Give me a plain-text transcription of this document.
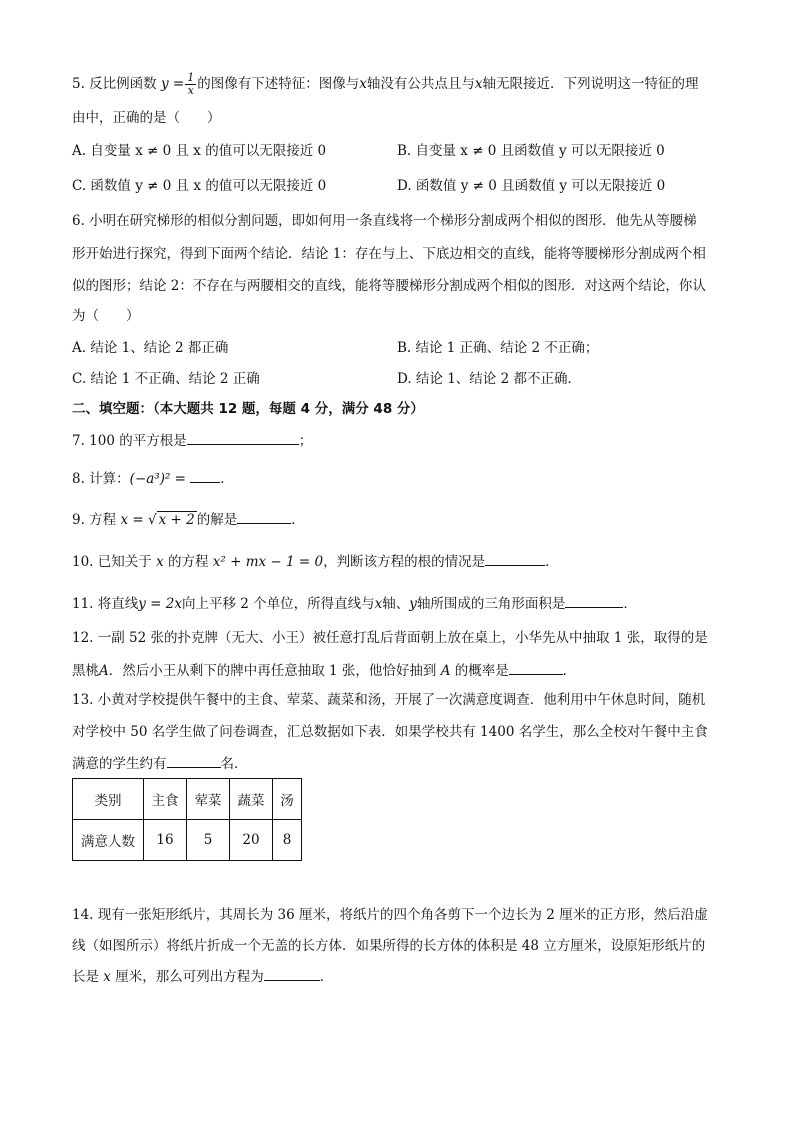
5. 反比例函数 $y = \frac{1}{x}$ 的图像有下述特征：图像与x轴没有公共点且与x轴无限接近．下列说明这一特征的理
由中，正确的是（　　）
A. 自变量 x ≠ 0 且 x 的值可以无限接近 0	B. 自变量 x ≠ 0 且函数值 y 可以无限接近 0
C. 函数值 y ≠ 0 且 x 的值可以无限接近 0	D. 函数值 y ≠ 0 且函数值 y 可以无限接近 0
6. 小明在研究梯形的相似分割问题，即如何用一条直线将一个梯形分割成两个相似的图形．他先从等腰梯
形开始进行探究，得到下面两个结论．结论 1：存在与上、下底边相交的直线，能将等腰梯形分割成两个相
似的图形；结论 2：不存在与两腰相交的直线，能将等腰梯形分割成两个相似的图形．对这两个结论，你认
为（　　）
A. 结论 1、结论 2 都正确	B. 结论 1 正确、结论 2 不正确；
C. 结论 1 不正确、结论 2 正确	D. 结论 1、结论 2 都不正确．
二、填空题：（本大题共 12 题，每题 4 分，满分 48 分）
7. 100 的平方根是	；
8. 计算：(−a³)² =	．
9. 方程 x = √ x + 2 的解是	．
10. 已知关于 x 的方程 x² + mx − 1 = 0，判断该方程的根的情况是	．
11. 将直线y = 2x向上平移 2 个单位，所得直线与x轴、y轴所围成的三角形面积是	．
12. 一副 52 张的扑克牌（无大、小王）被任意打乱后背面朝上放在桌上，小华先从中抽取 1 张，取得的是
黑桃A．然后小王从剩下的牌中再任意抽取 1 张，他恰好抽到 A 的概率是	．
13. 小黄对学校提供午餐中的主食、荤菜、蔬菜和汤，开展了一次满意度调查．他利用中午休息时间，随机
对学校中 50 名学生做了问卷调查，汇总数据如下表．如果学校共有 1400 名学生，那么全校对午餐中主食
满意的学生约有	名．
类别	主食	荤菜	蔬菜	汤
满意人数	16	5	20	8
14. 现有一张矩形纸片，其周长为 36 厘米，将纸片的四个角各剪下一个边长为 2 厘米的正方形，然后沿虚
线（如图所示）将纸片折成一个无盖的长方体．如果所得的长方体的体积是 48 立方厘米，设原矩形纸片的
长是 x 厘米，那么可列出方程为	．
